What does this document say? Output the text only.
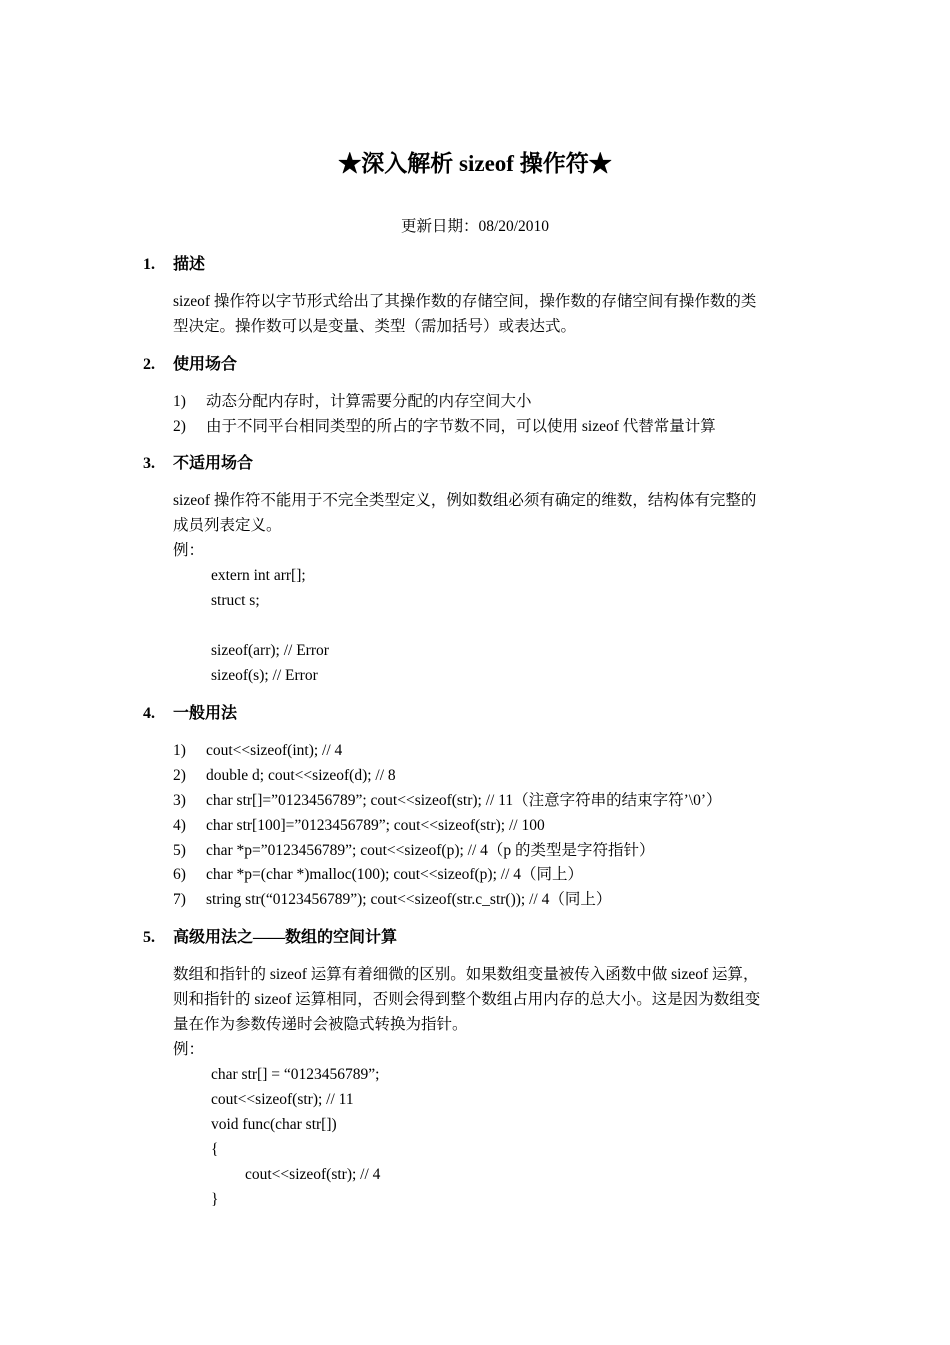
★深入解析 sizeof 操作符★
更新日期：08/20/2010
1. 描述
sizeof 操作符以字节形式给出了其操作数的存储空间，操作数的存储空间有操作数的类
型决定。操作数可以是变量、类型（需加括号）或表达式。
2. 使用场合
1) 动态分配内存时，计算需要分配的内存空间大小
2) 由于不同平台相同类型的所占的字节数不同，可以使用 sizeof 代替常量计算
3. 不适用场合
sizeof 操作符不能用于不完全类型定义，例如数组必须有确定的维数，结构体有完整的
成员列表定义。
例：
extern int arr[];
struct s;
sizeof(arr); // Error
sizeof(s); // Error
4. 一般用法
1) cout<<sizeof(int); // 4
2) double d; cout<<sizeof(d); // 8
3) char str[]=”0123456789”; cout<<sizeof(str); // 11（注意字符串的结束字符’\0’）
4) char str[100]=”0123456789”; cout<<sizeof(str); // 100
5) char *p=”0123456789”; cout<<sizeof(p); // 4（p 的类型是字符指针）
6) char *p=(char *)malloc(100); cout<<sizeof(p); // 4（同上）
7) string str(“0123456789”); cout<<sizeof(str.c_str()); // 4（同上）
5. 高级用法之——数组的空间计算
数组和指针的 sizeof 运算有着细微的区别。如果数组变量被传入函数中做 sizeof 运算，
则和指针的 sizeof 运算相同，否则会得到整个数组占用内存的总大小。这是因为数组变
量在作为参数传递时会被隐式转换为指针。
例：
char str[] = “0123456789”;
cout<<sizeof(str); // 11
void func(char str[])
{
cout<<sizeof(str); // 4
}
